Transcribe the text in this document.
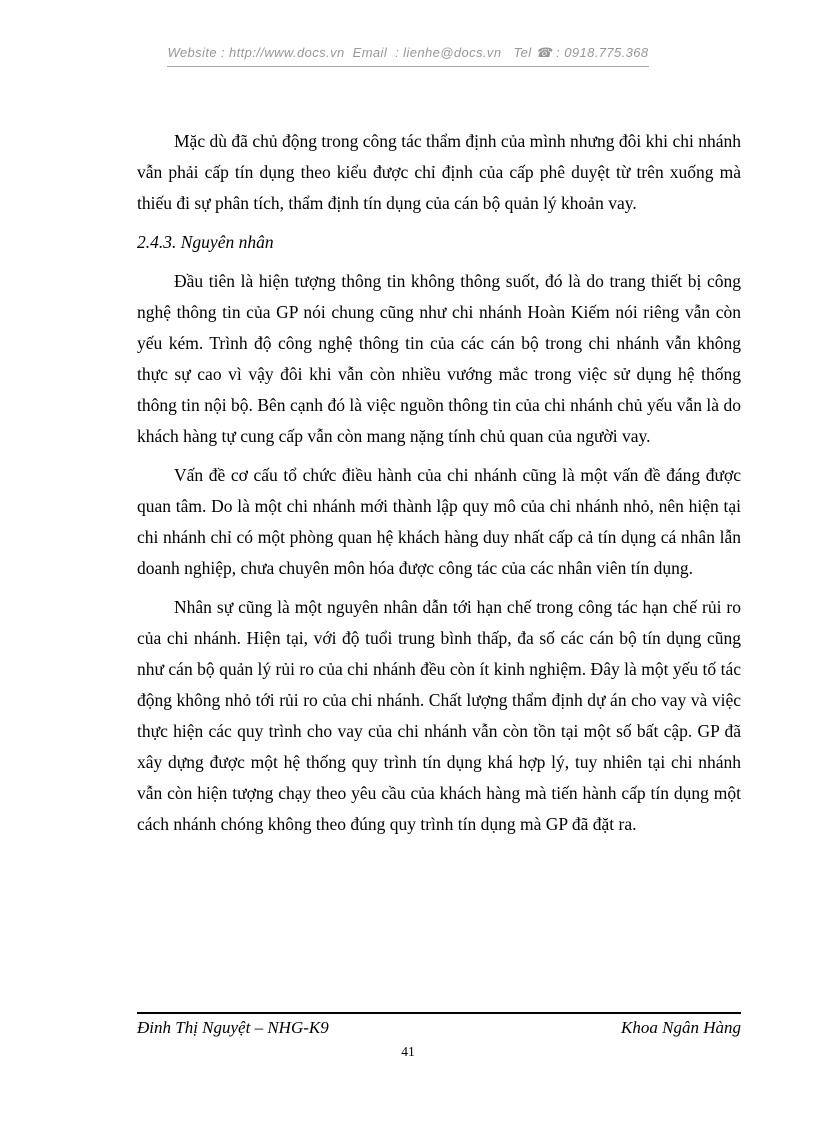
Website : http://www.docs.vn  Email  : lienhe@docs.vn   Tel ☎ : 0918.775.368

Mặc dù đã chủ động trong công tác thẩm định của mình nhưng đôi khi chi nhánh vẫn phải cấp tín dụng theo kiểu được chỉ định của cấp phê duyệt từ trên xuống mà thiếu đi sự phân tích, thẩm định tín dụng của cán bộ quản lý khoản vay.

2.4.3. Nguyên nhân

Đầu tiên là hiện tượng thông tin không thông suốt, đó là do trang thiết bị công nghệ thông tin của GP nói chung cũng như chi nhánh Hoàn Kiếm nói riêng vẫn còn yếu kém. Trình độ công nghệ thông tin của các cán bộ trong chi nhánh vẫn không thực sự cao vì vậy đôi khi vẫn còn nhiều vướng mắc trong việc sử dụng hệ thống thông tin nội bộ. Bên cạnh đó là việc nguồn thông tin của chi nhánh chủ yếu vẫn là do khách hàng tự cung cấp vẫn còn mang nặng tính chủ quan của người vay.

Vấn đề cơ cấu tổ chức điều hành của chi nhánh cũng là một vấn đề đáng được quan tâm. Do là một chi nhánh mới thành lập quy mô của chi nhánh nhỏ, nên hiện tại chi nhánh chỉ có một phòng quan hệ khách hàng duy nhất cấp cả tín dụng cá nhân lẫn doanh nghiệp, chưa chuyên môn hóa được công tác của các nhân viên tín dụng.

Nhân sự cũng là một nguyên nhân dẫn tới hạn chế trong công tác hạn chế rủi ro của chi nhánh. Hiện tại, với độ tuổi trung bình thấp, đa số các cán bộ tín dụng cũng như cán bộ quản lý rủi ro của chi nhánh đều còn ít kinh nghiệm. Đây là một yếu tố tác động không nhỏ tới rủi ro của chi nhánh. Chất lượng thẩm định dự án cho vay và việc thực hiện các quy trình cho vay của chi nhánh vẫn còn tồn tại một số bất cập. GP đã xây dựng được một hệ thống quy trình tín dụng khá hợp lý, tuy nhiên tại chi nhánh vẫn còn hiện tượng chạy theo yêu cầu của khách hàng mà tiến hành cấp tín dụng một cách nhánh chóng không theo đúng quy trình tín dụng mà GP đã đặt ra.

Đinh Thị Nguyệt – NHG-K9	Khoa Ngân Hàng
41
